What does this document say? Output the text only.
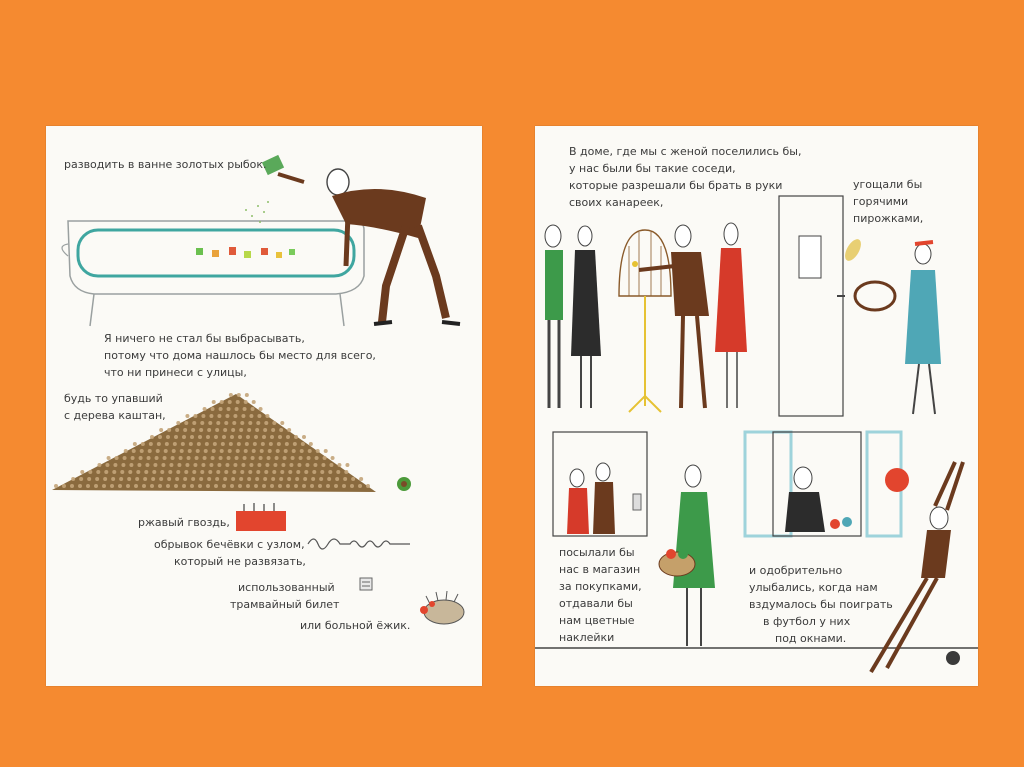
разводить в ванне золотых рыбок.
Я ничего не стал бы выбрасывать,
потому что дома нашлось бы место для всего,
что ни принеси с улицы,
будь то упавший
с дерева каштан,
ржавый гвоздь,
обрывок бечёвки с узлом,
который не развязать,
использованный
трамвайный билет
или больной ёжик.
В доме, где мы с женой поселились бы,
у нас были бы такие соседи,
которые разрешали бы брать в руки
своих канареек,
угощали бы
горячими
пирожками,
посылали бы
нас в магазин
за покупками,
отдавали бы
нам цветные
наклейки
и одобрительно
улыбались, когда нам
вздумалось бы поиграть
в футбол у них
под окнами.
